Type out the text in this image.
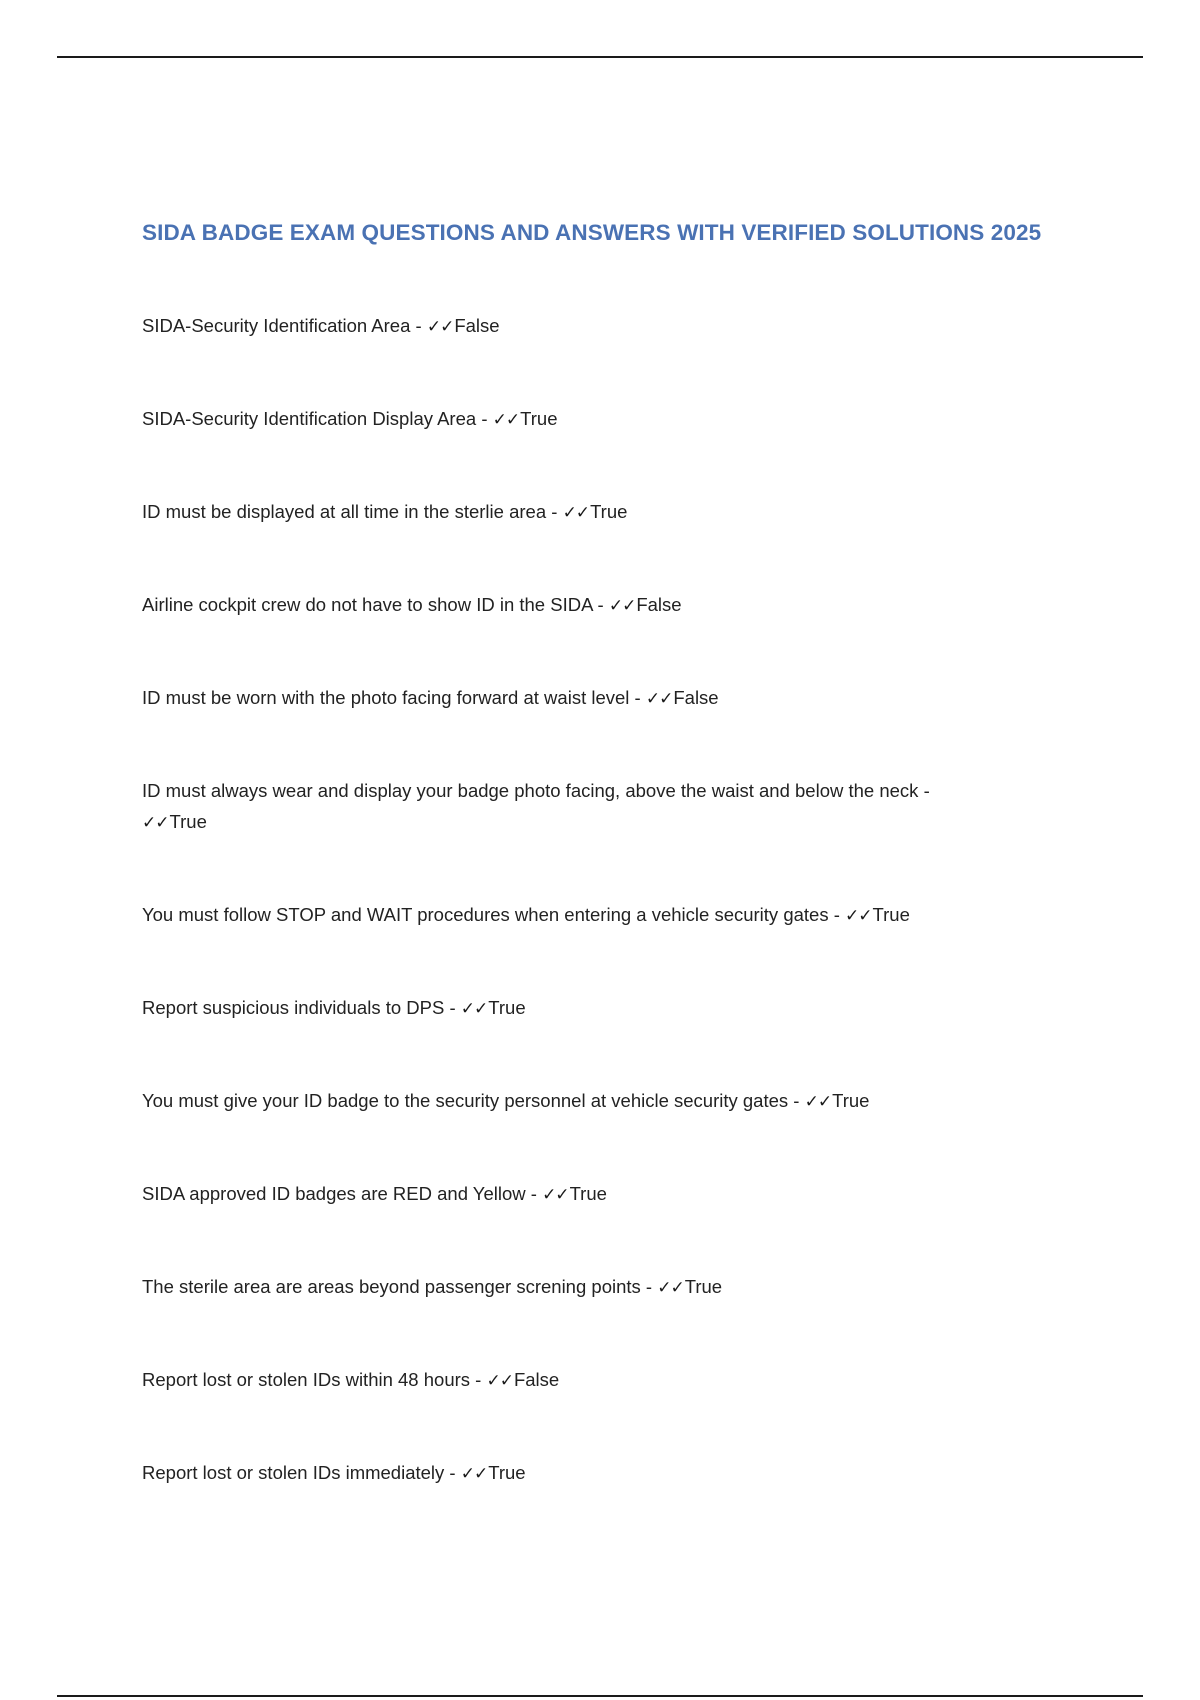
SIDA BADGE EXAM QUESTIONS AND ANSWERS WITH VERIFIED SOLUTIONS 2025
SIDA-Security Identification Area - ✓✓False
SIDA-Security Identification Display Area - ✓✓True
ID must be displayed at all time in the sterlie area - ✓✓True
Airline cockpit crew do not have to show ID in the SIDA - ✓✓False
ID must be worn with the photo facing forward at waist level - ✓✓False
ID must always wear and display your badge photo facing, above the waist and below the neck -
✓✓True
You must follow STOP and WAIT procedures when entering a vehicle security gates - ✓✓True
Report suspicious individuals to DPS - ✓✓True
You must give your ID badge to the security personnel at vehicle security gates - ✓✓True
SIDA approved ID badges are RED and Yellow - ✓✓True
The sterile area are areas beyond passenger screning points - ✓✓True
Report lost or stolen IDs within 48 hours - ✓✓False
Report lost or stolen IDs immediately - ✓✓True
